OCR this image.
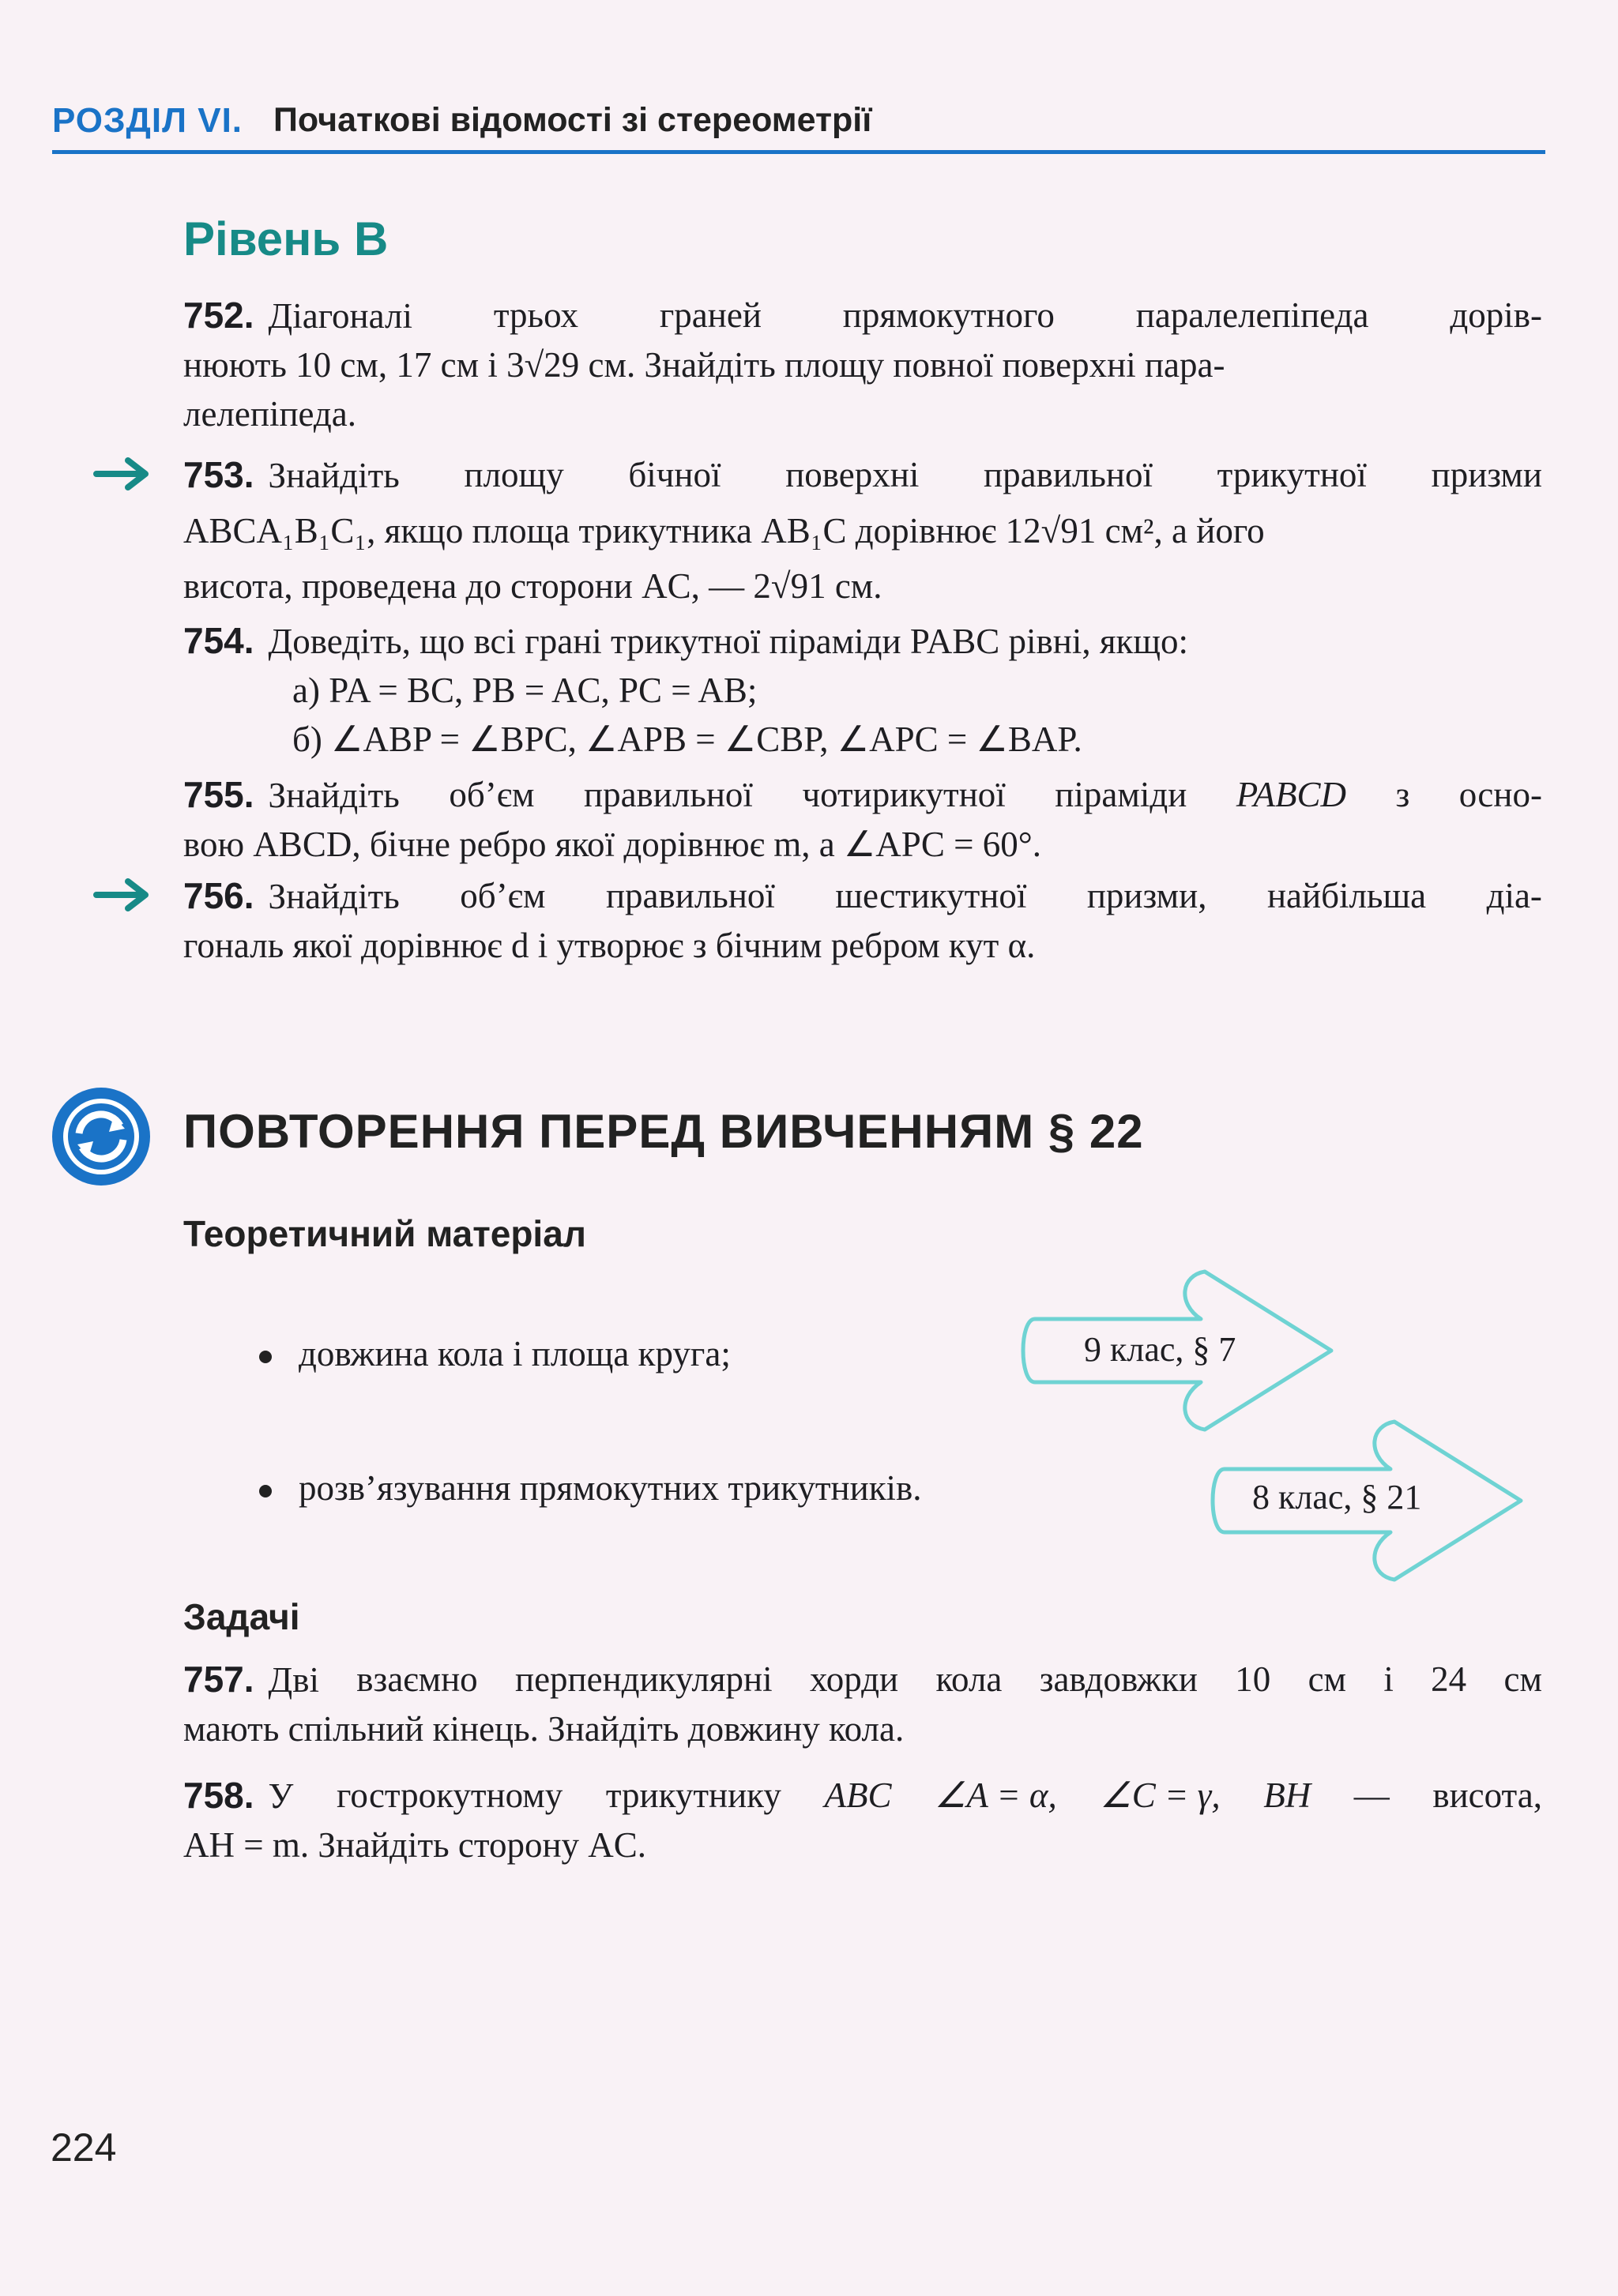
РОЗДІЛ VI. Початкові відомості зі стереометрії
Рівень В
752. Діагоналі трьох граней прямокутного паралелепіпеда дорів-
нюють 10 см, 17 см і 3√29 см. Знайдіть площу повної поверхні пара-
лелепіпеда.
753. Знайдіть площу бічної поверхні правильної трикутної призми
ABCA₁B₁C₁, якщо площа трикутника AB₁C дорівнює 12√91 см², а його
висота, проведена до сторони AC, — 2√91 см.
754. Доведіть, що всі грані трикутної піраміди PABC рівні, якщо:
а) PA = BC, PB = AC, PC = AB;
б) ∠ABP = ∠BPC, ∠APB = ∠CBP, ∠APC = ∠BAP.
755. Знайдіть об’єм правильної чотирикутної піраміди PABCD з осно-
вою ABCD, бічне ребро якої дорівнює m, а ∠APC = 60°.
756. Знайдіть об’єм правильної шестикутної призми, найбільша діа-
гональ якої дорівнює d і утворює з бічним ребром кут α.
ПОВТОРЕННЯ ПЕРЕД ВИВЧЕННЯМ § 22
Теоретичний матеріал
довжина кола і площа круга;
розв’язування прямокутних трикутників.
9 клас, § 7
8 клас, § 21
Задачі
757. Дві взаємно перпендикулярні хорди кола завдовжки 10 см і 24 см
мають спільний кінець. Знайдіть довжину кола.
758. У гострокутному трикутнику ABC ∠A = α, ∠C = γ, BH — висота,
AH = m. Знайдіть сторону AC.
224
